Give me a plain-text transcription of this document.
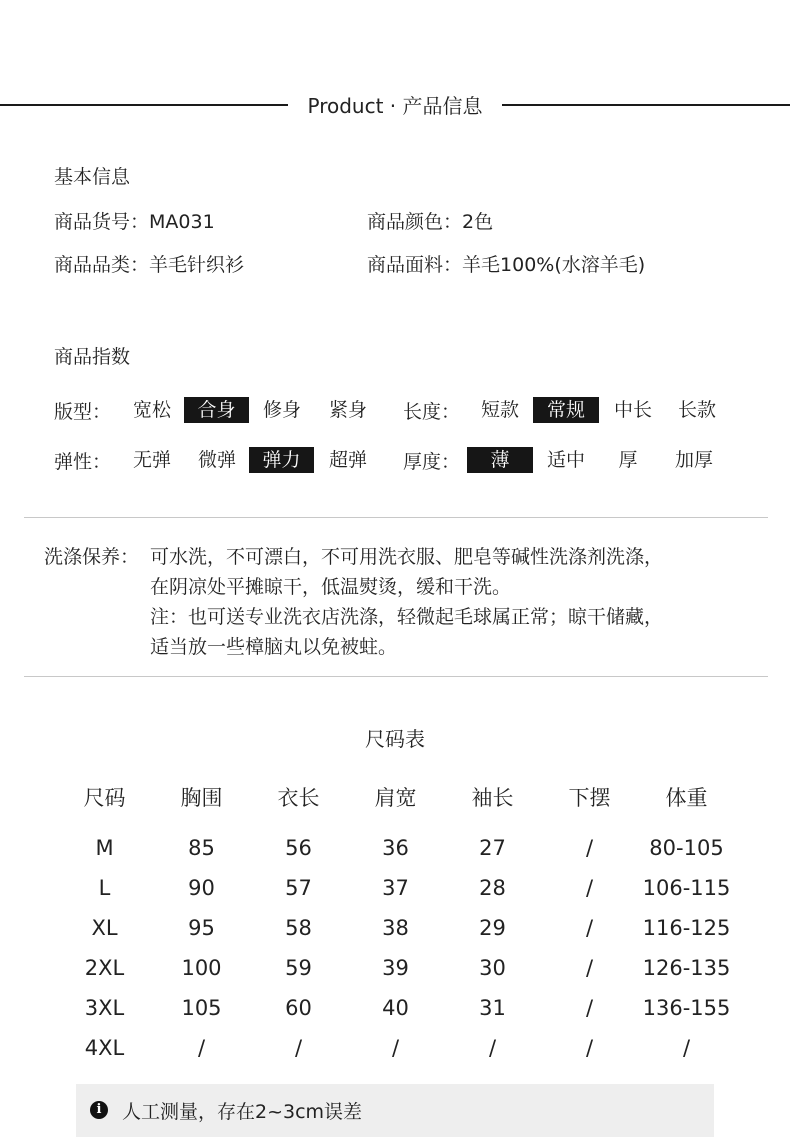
Product · 产品信息
基本信息
商品货号：MA031	商品颜色：2色
商品品类：羊毛针织衫	商品面料：羊毛100%(水溶羊毛)
商品指数
版型：	宽松	合身	修身	紧身	长度：	短款	常规	中长	长款
弹性：	无弹	微弹	弹力	超弹	厚度：	薄	适中	厚	加厚
洗涤保养： 可水洗，不可漂白，不可用洗衣服、肥皂等碱性洗涤剂洗涤，
在阴凉处平摊晾干，低温熨烫，缓和干洗。
注：也可送专业洗衣店洗涤，轻微起毛球属正常；晾干储藏，
适当放一些樟脑丸以免被蛀。
尺码表
尺码	胸围	衣长	肩宽	袖长	下摆	体重
M	85	56	36	27	/	80-105
L	90	57	37	28	/	106-115
XL	95	58	38	29	/	116-125
2XL	100	59	39	30	/	126-135
3XL	105	60	40	31	/	136-155
4XL	/	/	/	/	/	/
i	人工测量，存在2~3cm误差
